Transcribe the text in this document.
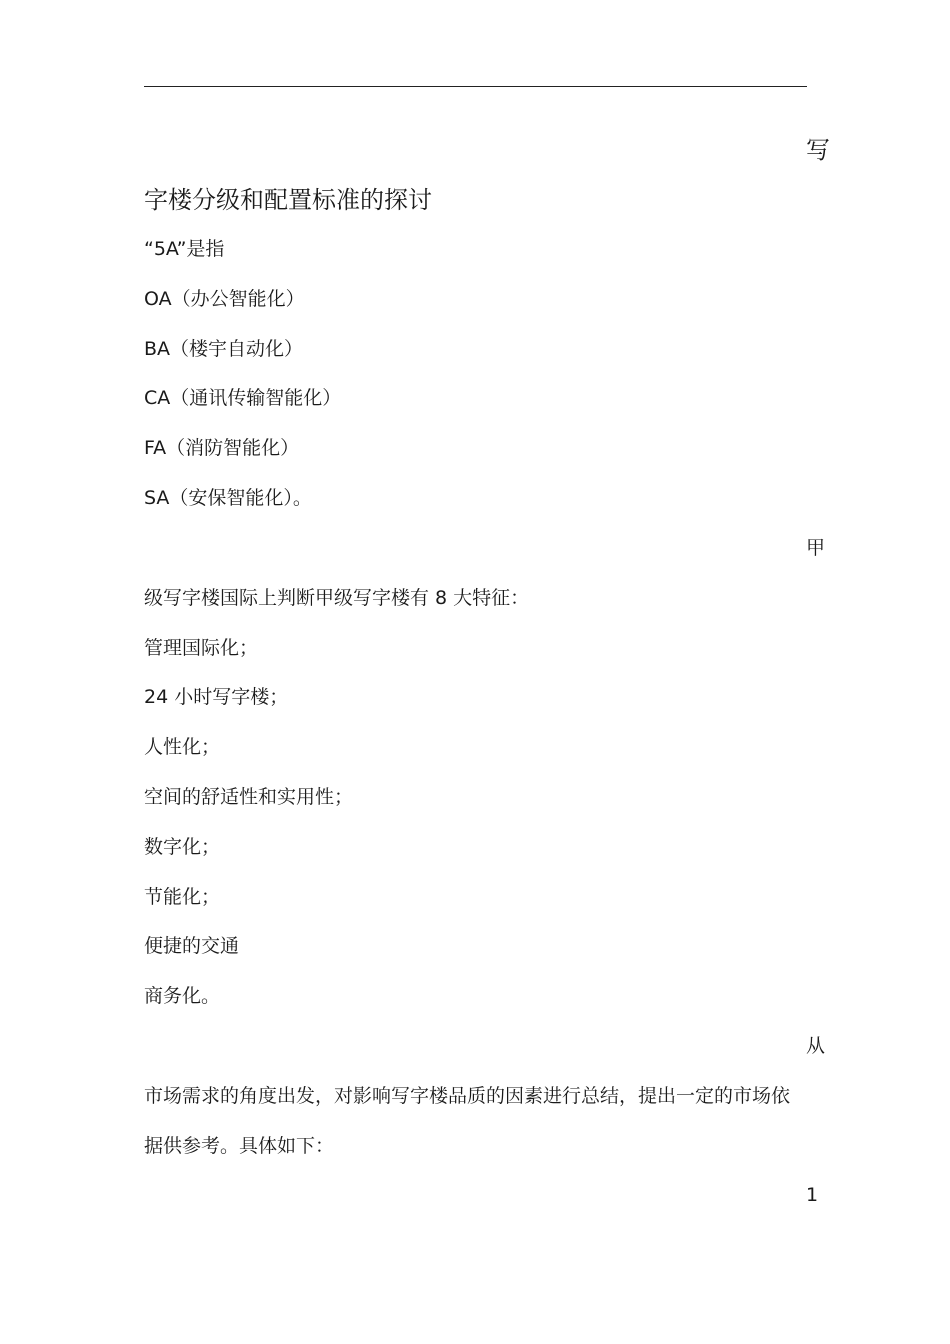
写
字楼分级和配置标准的探讨
“5A”是指
OA（办公智能化）
BA（楼宇自动化）
CA（通讯传输智能化）
FA（消防智能化）
SA（安保智能化）。
甲
级写字楼国际上判断甲级写字楼有 8 大特征：
管理国际化；
24 小时写字楼；
人性化；
空间的舒适性和实用性；
数字化；
节能化；
便捷的交通
商务化。
从
市场需求的角度出发，对影响写字楼品质的因素进行总结，提出一定的市场依
据供参考。具体如下：
1
